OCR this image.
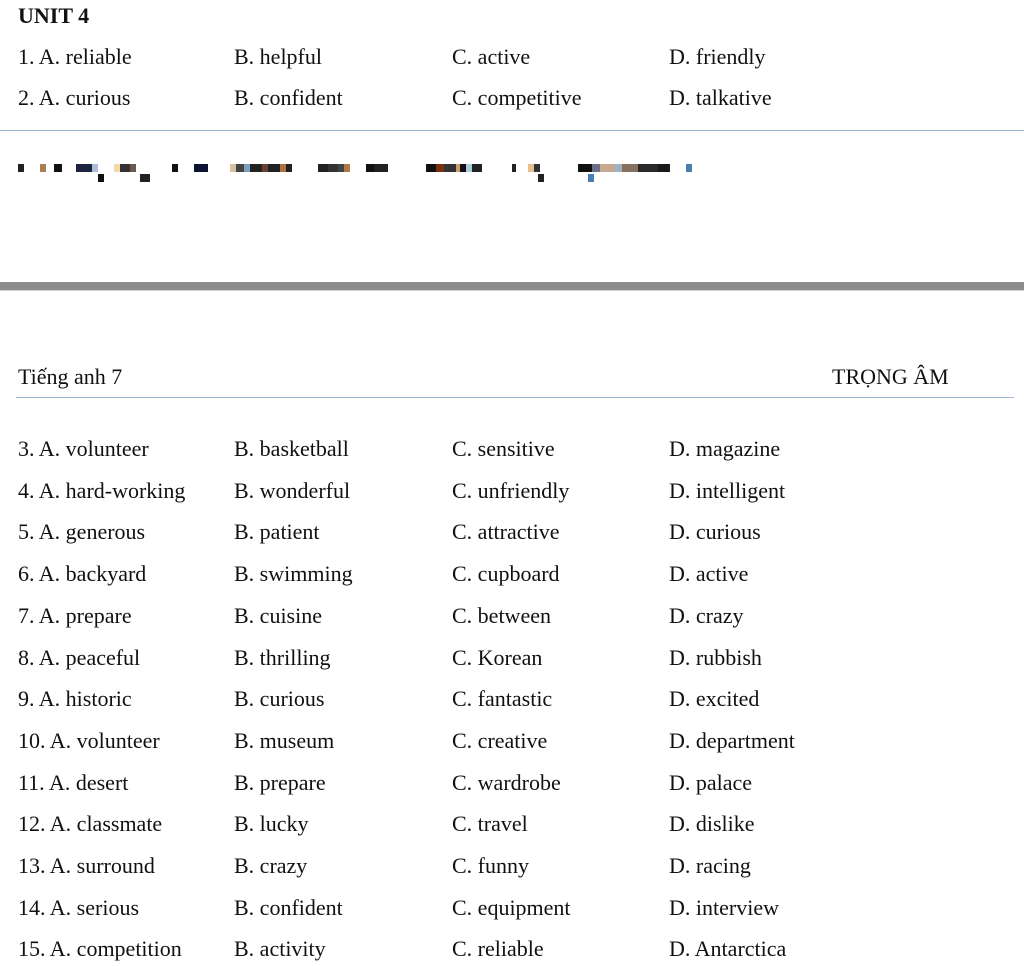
UNIT 4
1. A. reliable	B. helpful	C. active	D. friendly
2. A. curious	B. confident	C. competitive	D. talkative
Tiếng anh 7	TRỌNG ÂM
3. A. volunteer	B. basketball	C. sensitive	D. magazine
4. A. hard-working B. wonderful	C. unfriendly	D. intelligent
5. A. generous	B. patient	C. attractive	D. curious
6. A. backyard	B. swimming	C. cupboard	D. active
7. A. prepare	B. cuisine	C. between	D. crazy
8. A. peaceful	B. thrilling	C. Korean	D. rubbish
9. A. historic	B. curious	C. fantastic	D. excited
10. A. volunteer	B. museum	C. creative	D. department
11. A. desert	B. prepare	C. wardrobe	D. palace
12. A. classmate	B. lucky	C. travel	D. dislike
13. A. surround	B. crazy	C. funny	D. racing
14. A. serious	B. confident	C. equipment	D. interview
15. A. competition B. activity	C. reliable	D. Antarctica
